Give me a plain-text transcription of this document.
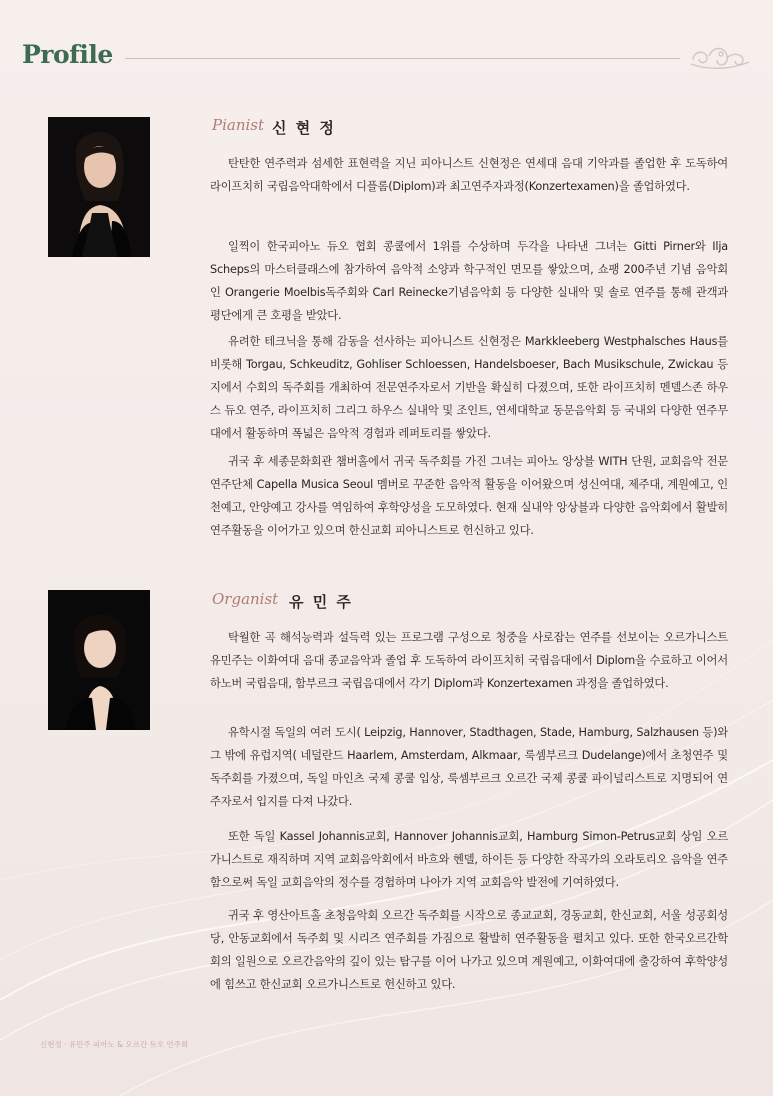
Profile
Pianist 신 현 정

탄탄한 연주력과 섬세한 표현력을 지닌 피아니스트 신현정은 연세대 음대 기악과를 졸업한 후 도독하여 라이프치히 국립음악대학에서 디플롬(Diplom)과 최고연주자과정(Konzertexamen)을 졸업하였다.

일찍이 한국피아노 듀오 협회 콩쿨에서 1위를 수상하며 두각을 나타낸 그녀는 Gitti Pirner와 Ilja Scheps의 마스터클래스에 참가하여 음악적 소양과 학구적인 면모를 쌓았으며, 쇼팽 200주년 기념 음악회인 Orangerie Moelbis독주회와 Carl Reinecke기념음악회 등 다양한 실내악 및 솔로 연주를 통해 관객과 평단에게 큰 호평을 받았다.

유려한 테크닉을 통해 감동을 선사하는 피아니스트 신현정은 Markkleeberg Westphalsches Haus를 비롯해 Torgau, Schkeuditz, Gohliser Schloessen, Handelsboeser, Bach Musikschule, Zwickau 등지에서 수회의 독주회를 개최하여 전문연주자로서 기반을 확실히 다졌으며, 또한 라이프치히 멘델스존 하우스 듀오 연주, 라이프치히 그리그 하우스 실내악 및 조인트, 연세대학교 동문음악회 등 국내외 다양한 연주무대에서 활동하며 폭넓은 음악적 경험과 레퍼토리를 쌓았다.

귀국 후 세종문화회관 챔버홀에서 귀국 독주회를 가진 그녀는 피아노 앙상블 WITH 단원, 교회음악 전문 연주단체 Capella Musica Seoul 멤버로 꾸준한 음악적 활동을 이어왔으며 성신여대, 제주대, 계원예고, 인천예고, 안양예고 강사를 역임하여 후학양성을 도모하였다. 현재 실내악 앙상블과 다양한 음악회에서 활발히 연주활동을 이어가고 있으며 한신교회 피아니스트로 헌신하고 있다.

Organist 유 민 주

탁월한 곡 해석능력과 설득력 있는 프로그램 구성으로 청중을 사로잡는 연주를 선보이는 오르가니스트 유민주는 이화여대 음대 종교음악과 졸업 후 도독하여 라이프치히 국립음대에서 Diplom을 수료하고 이어서 하노버 국립음대, 함부르크 국립음대에서 각기 Diplom과 Konzertexamen 과정을 졸업하였다.

유학시절 독일의 여러 도시( Leipzig, Hannover, Stadthagen, Stade, Hamburg, Salzhausen 등)와 그 밖에 유럽지역( 네덜란드 Haarlem, Amsterdam, Alkmaar, 룩셈부르크 Dudelange)에서 초청연주 및 독주회를 가졌으며, 독일 마인츠 국제 콩쿨 입상, 룩셈부르크 오르간 국제 콩쿨 파이널리스트로 지명되어 연주자로서 입지를 다져 나갔다.

또한 독일 Kassel Johannis교회, Hannover Johannis교회, Hamburg Simon-Petrus교회 상임 오르가니스트로 재직하며 지역 교회음악회에서 바흐와 헨델, 하이든 등 다양한 작곡가의 오라토리오 음악을 연주함으로써 독일 교회음악의 정수를 경험하며 나아가 지역 교회음악 발전에 기여하였다.

귀국 후 영산아트홀 초청음악회 오르간 독주회를 시작으로 종교교회, 경동교회, 한신교회, 서울 성공회성당, 안동교회에서 독주회 및 시리즈 연주회를 가짐으로 활발히 연주활동을 펼치고 있다. 또한 한국오르간학회의 일원으로 오르간음악의 깊이 있는 탐구를 이어 나가고 있으며 계원예고, 이화여대에 출강하여 후학양성에 힘쓰고 한신교회 오르가니스트로 헌신하고 있다.

신현정 · 유민주 피아노 & 오르간 듀오 연주회
